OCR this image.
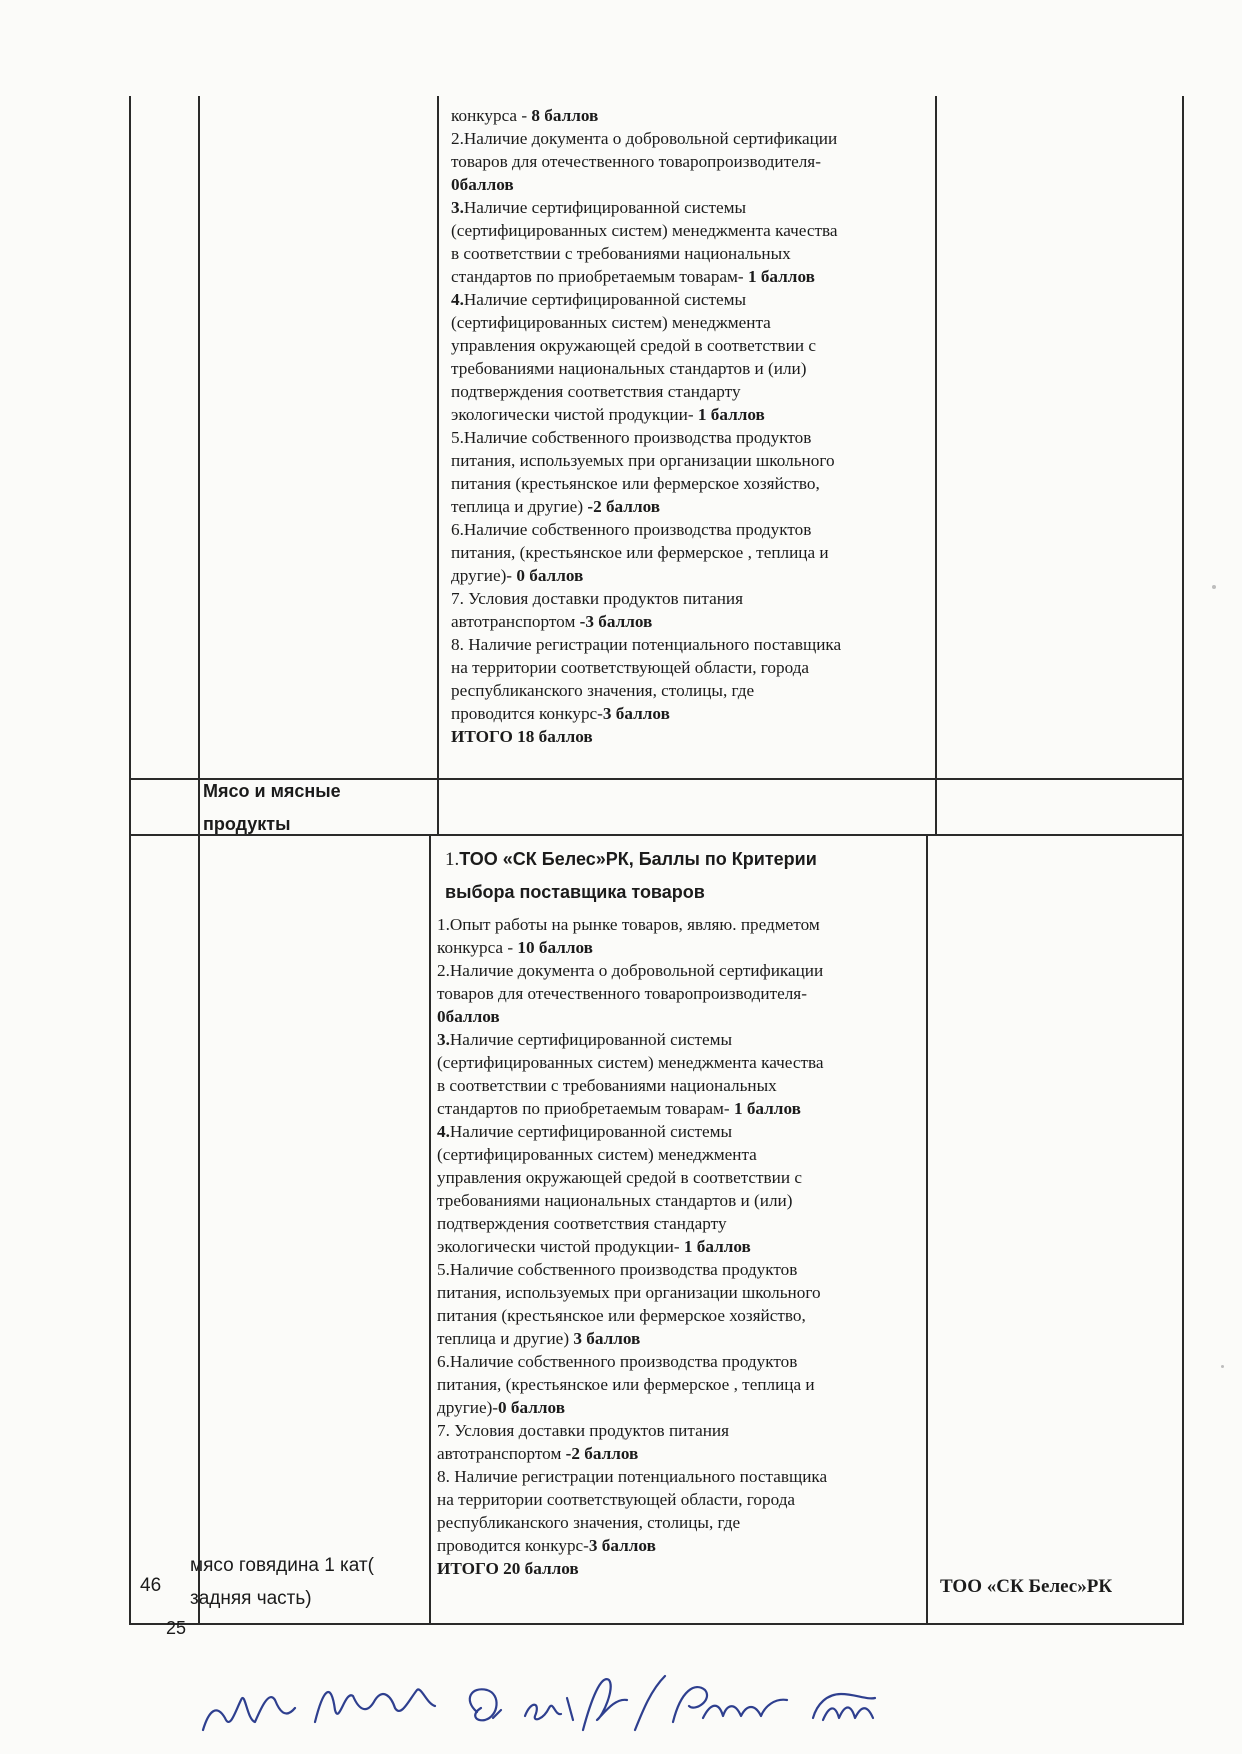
конкурса - 8 баллов
2.Наличие документа о добровольной сертификации
товаров для отечественного товаропроизводителя-
0баллов
3.Наличие сертифицированной системы
(сертифицированных систем) менеджмента качества
в соответствии с требованиями национальных
стандартов по приобретаемым товарам- 1 баллов
4.Наличие сертифицированной системы
(сертифицированных систем) менеджмента
управления окружающей средой в соответствии с
требованиями национальных стандартов и (или)
подтверждения соответствия стандарту
экологически чистой продукции- 1 баллов
5.Наличие собственного производства продуктов
питания, используемых при организации школьного
питания (крестьянское или фермерское хозяйство,
теплица и другие) -2 баллов
6.Наличие собственного производства продуктов
питания, (крестьянское или фермерское , теплица и
другие)- 0 баллов
7. Условия доставки продуктов питания
автотранспортом -3 баллов
8. Наличие регистрации потенциального поставщика
на территории соответствующей области, города
республиканского значения, столицы, где
проводится конкурс-3 баллов
ИТОГО 18 баллов
Мясо и мясные
продукты
46
мясо говядина 1 кат(
задняя часть)
1.ТОО «СК Белес»РК, Баллы по Критерии
выбора поставщика товаров
1.Опыт работы на рынке товаров, являю. предметом
конкурса - 10 баллов
2.Наличие документа о добровольной сертификации
товаров для отечественного товаропроизводителя-
0баллов
3.Наличие сертифицированной системы
(сертифицированных систем) менеджмента качества
в соответствии с требованиями национальных
стандартов по приобретаемым товарам- 1 баллов
4.Наличие сертифицированной системы
(сертифицированных систем) менеджмента
управления окружающей средой в соответствии с
требованиями национальных стандартов и (или)
подтверждения соответствия стандарту
экологически чистой продукции- 1 баллов
5.Наличие собственного производства продуктов
питания, используемых при организации школьного
питания (крестьянское или фермерское хозяйство,
теплица и другие) 3 баллов
6.Наличие собственного производства продуктов
питания, (крестьянское или фермерское , теплица и
другие)-0 баллов
7. Условия доставки продуктов питания
автотранспортом -2 баллов
8. Наличие регистрации потенциального поставщика
на территории соответствующей области, города
республиканского значения, столицы, где
проводится конкурс-3 баллов
ИТОГО 20 баллов
ТОО «СК Белес»РК
25
